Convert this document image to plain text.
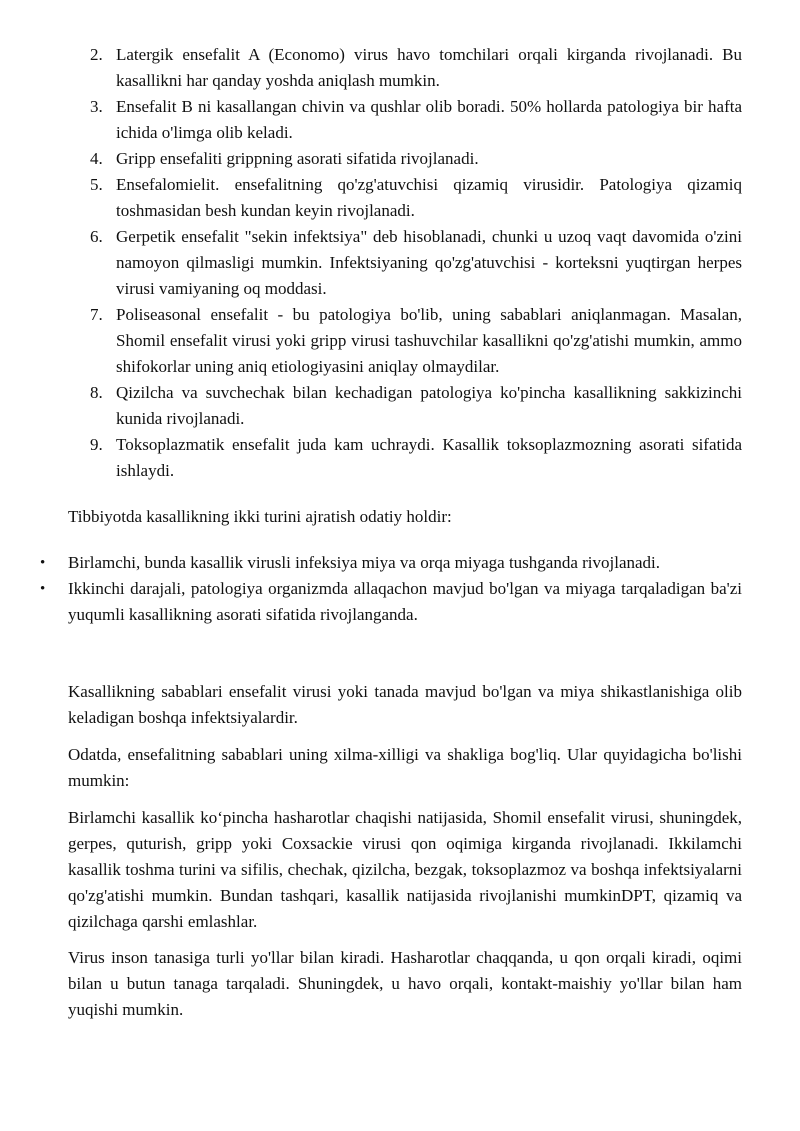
2. Latergik ensefalit A (Economo) virus havo tomchilari orqali kirganda rivojlanadi. Bu kasallikni har qanday yoshda aniqlash mumkin.
3. Ensefalit B ni kasallangan chivin va qushlar olib boradi. 50% hollarda patologiya bir hafta ichida o'limga olib keladi.
4. Gripp ensefaliti grippning asorati sifatida rivojlanadi.
5. Ensefalomielit. ensefalitning qo'zg'atuvchisi qizamiq virusidir. Patologiya qizamiq toshmasidan besh kundan keyin rivojlanadi.
6. Gerpetik ensefalit "sekin infektsiya" deb hisoblanadi, chunki u uzoq vaqt davomida o'zini namoyon qilmasligi mumkin. Infektsiyaning qo'zg'atuvchisi - korteksni yuqtirgan herpes virusi vamiyaning oq moddasi.
7. Poliseasonal ensefalit - bu patologiya bo'lib, uning sabablari aniqlanmagan. Masalan, Shomil ensefalit virusi yoki gripp virusi tashuvchilar kasallikni qo'zg'atishi mumkin, ammo shifokorlar uning aniq etiologiyasini aniqlay olmaydilar.
8. Qizilcha va suvchechak bilan kechadigan patologiya ko'pincha kasallikning sakkizinchi kunida rivojlanadi.
9. Toksoplazmatik ensefalit juda kam uchraydi. Kasallik toksoplazmozning asorati sifatida ishlaydi.

Tibbiyotda kasallikning ikki turini ajratish odatiy holdir:

• Birlamchi, bunda kasallik virusli infeksiya miya va orqa miyaga tushganda rivojlanadi.
• Ikkinchi darajali, patologiya organizmda allaqachon mavjud bo'lgan va miyaga tarqaladigan ba'zi yuqumli kasallikning asorati sifatida rivojlanganda.

Kasallikning sabablari ensefalit virusi yoki tanada mavjud bo'lgan va miya shikastlanishiga olib keladigan boshqa infektsiyalardir.

Odatda, ensefalitning sabablari uning xilma-xilligi va shakliga bog'liq. Ular quyidagicha bo'lishi mumkin:

Birlamchi kasallik ko‘pincha hasharotlar chaqishi natijasida, Shomil ensefalit virusi, shuningdek, gerpes, quturish, gripp yoki Coxsackie virusi qon oqimiga kirganda rivojlanadi. Ikkilamchi kasallik toshma turini va sifilis, chechak, qizilcha, bezgak, toksoplazmoz va boshqa infektsiyalarni qo'zg'atishi mumkin. Bundan tashqari, kasallik natijasida rivojlanishi mumkinDPT, qizamiq va qizilchaga qarshi emlashlar.

Virus inson tanasiga turli yo'llar bilan kiradi. Hasharotlar chaqqanda, u qon orqali kiradi, oqimi bilan u butun tanaga tarqaladi. Shuningdek, u havo orqali, kontakt-maishiy yo'llar bilan ham yuqishi mumkin.
